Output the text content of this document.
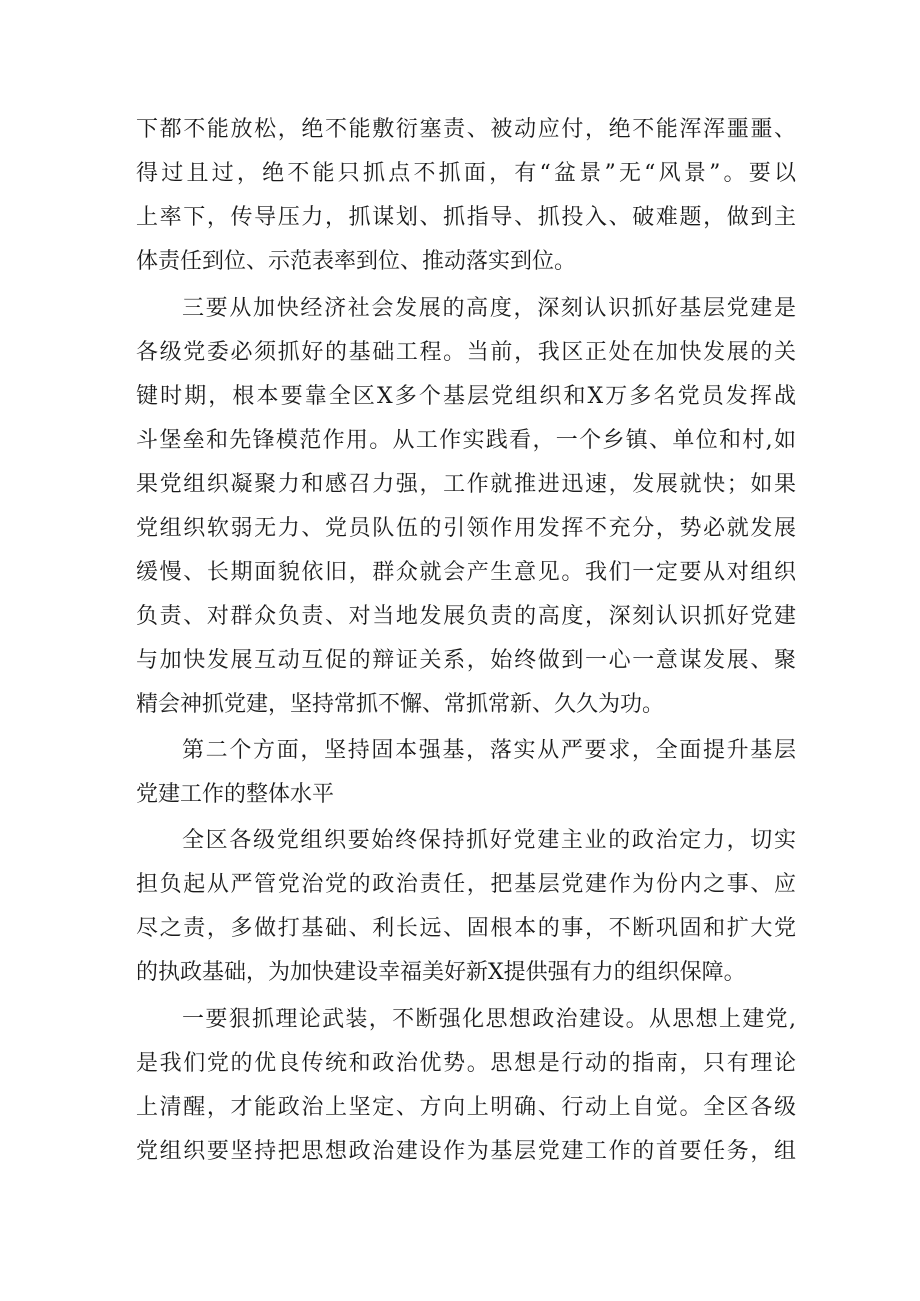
下都不能放松，绝不能敷衍塞责、被动应付，绝不能浑浑噩噩、
得过且过，绝不能只抓点不抓面，有“盆景”无“风景”。要以
上率下，传导压力，抓谋划、抓指导、抓投入、破难题，做到主
体责任到位、示范表率到位、推动落实到位。
三要从加快经济社会发展的高度，深刻认识抓好基层党建是
各级党委必须抓好的基础工程。当前，我区正处在加快发展的关
键时期，根本要靠全区X多个基层党组织和X万多名党员发挥战
斗堡垒和先锋模范作用。从工作实践看，一个乡镇、单位和村,如
果党组织凝聚力和感召力强，工作就推进迅速，发展就快；如果
党组织软弱无力、党员队伍的引领作用发挥不充分，势必就发展
缓慢、长期面貌依旧，群众就会产生意见。我们一定要从对组织
负责、对群众负责、对当地发展负责的高度，深刻认识抓好党建
与加快发展互动互促的辩证关系，始终做到一心一意谋发展、聚
精会神抓党建，坚持常抓不懈、常抓常新、久久为功。
第二个方面，坚持固本强基，落实从严要求，全面提升基层
党建工作的整体水平
全区各级党组织要始终保持抓好党建主业的政治定力，切实
担负起从严管党治党的政治责任，把基层党建作为份内之事、应
尽之责，多做打基础、利长远、固根本的事，不断巩固和扩大党
的执政基础，为加快建设幸福美好新X提供强有力的组织保障。
一要狠抓理论武装，不断强化思想政治建设。从思想上建党,
是我们党的优良传统和政治优势。思想是行动的指南，只有理论
上清醒，才能政治上坚定、方向上明确、行动上自觉。全区各级
党组织要坚持把思想政治建设作为基层党建工作的首要任务，组
